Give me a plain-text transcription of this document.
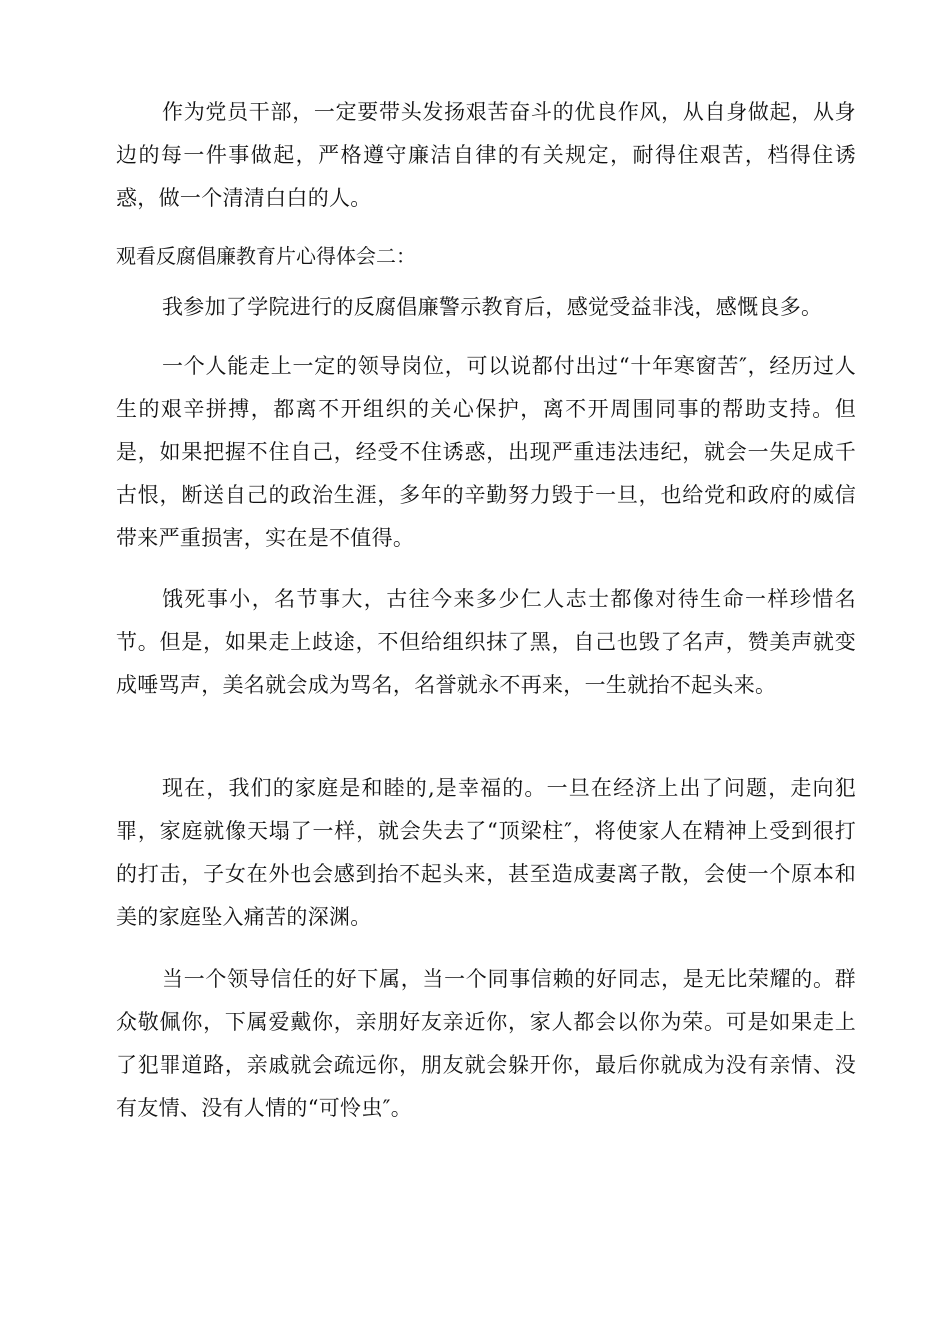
作为党员干部，一定要带头发扬艰苦奋斗的优良作风，从自身做起，从身边的每一件事做起，严格遵守廉洁自律的有关规定，耐得住艰苦，档得住诱惑，做一个清清白白的人。

观看反腐倡廉教育片心得体会二：

我参加了学院进行的反腐倡廉警示教育后，感觉受益非浅，感慨良多。

一个人能走上一定的领导岗位，可以说都付出过“十年寒窗苦″，经历过人生的艰辛拼搏，都离不开组织的关心保护，离不开周围同事的帮助支持。但是，如果把握不住自己，经受不住诱惑，出现严重违法违纪，就会一失足成千古恨，断送自己的政治生涯，多年的辛勤努力毁于一旦，也给党和政府的威信带来严重损害，实在是不值得。

饿死事小，名节事大，古往今来多少仁人志士都像对待生命一样珍惜名节。但是，如果走上歧途，不但给组织抹了黑，自己也毁了名声，赞美声就变成唾骂声，美名就会成为骂名，名誉就永不再来，一生就抬不起头来。

现在，我们的家庭是和睦的,是幸福的。一旦在经济上出了问题，走向犯罪，家庭就像天塌了一样，就会失去了“顶梁柱″，将使家人在精神上受到很打的打击，子女在外也会感到抬不起头来，甚至造成妻离子散，会使一个原本和美的家庭坠入痛苦的深渊。

当一个领导信任的好下属，当一个同事信赖的好同志，是无比荣耀的。群众敬佩你，下属爱戴你，亲朋好友亲近你，家人都会以你为荣。可是如果走上了犯罪道路，亲戚就会疏远你，朋友就会躲开你，最后你就成为没有亲情、没有友情、没有人情的“可怜虫″。
